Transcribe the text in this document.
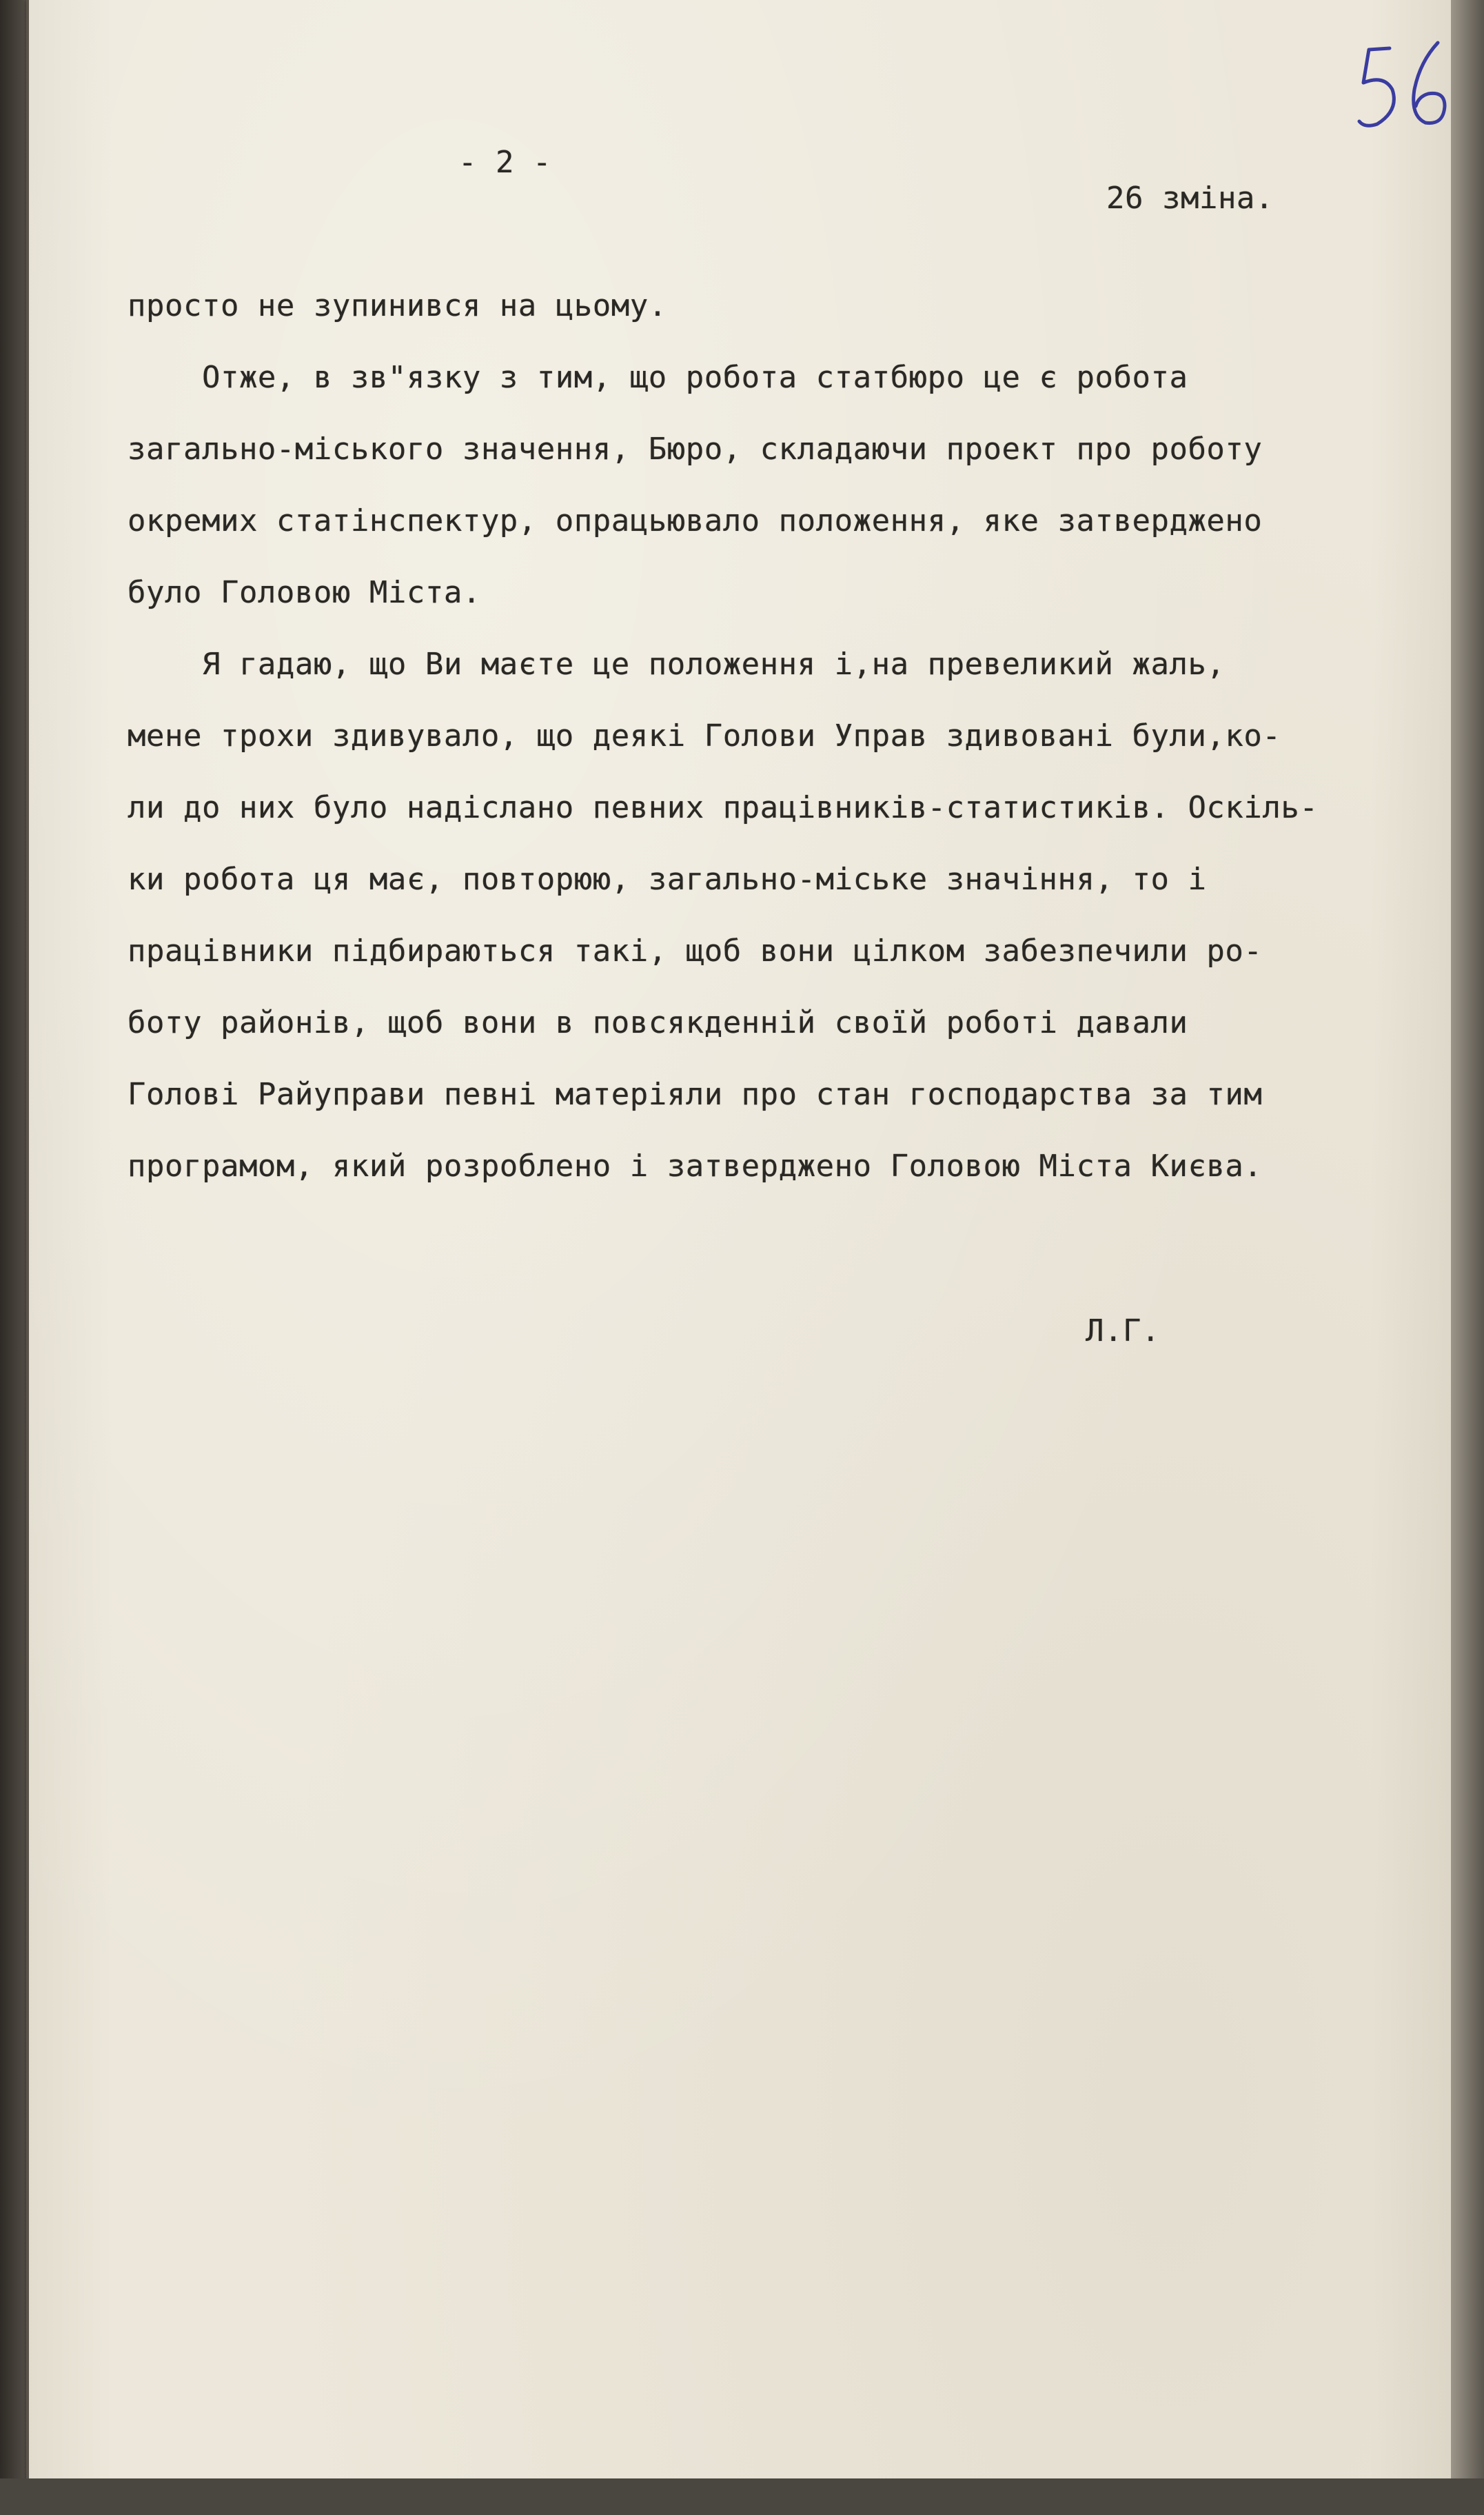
- 2 -
26 зміна.
просто не зупинився на цьому.
Отже, в зв"язку з тим, що робота статбюро це є робота
загально-міського значення, Бюро, складаючи проект про роботу
окремих статінспектур, опрацьювало положення, яке затверджено
було Головою Міста.
Я гадаю, що Ви маєте це положення і,на превеликий жаль,
мене трохи здивувало, що деякі Голови Управ здивовані були,ко-
ли до них було надіслано певних працівників-статистиків. Оскіль-
ки робота ця має, повторюю, загально-міське значіння, то і
працівники підбираються такі, щоб вони цілком забезпечили ро-
боту районів, щоб вони в повсякденній своїй роботі давали
Голові Райуправи певні матеріяли про стан господарства за тим
програмом, який розроблено і затверджено Головою Міста Києва.
Л.Г.
